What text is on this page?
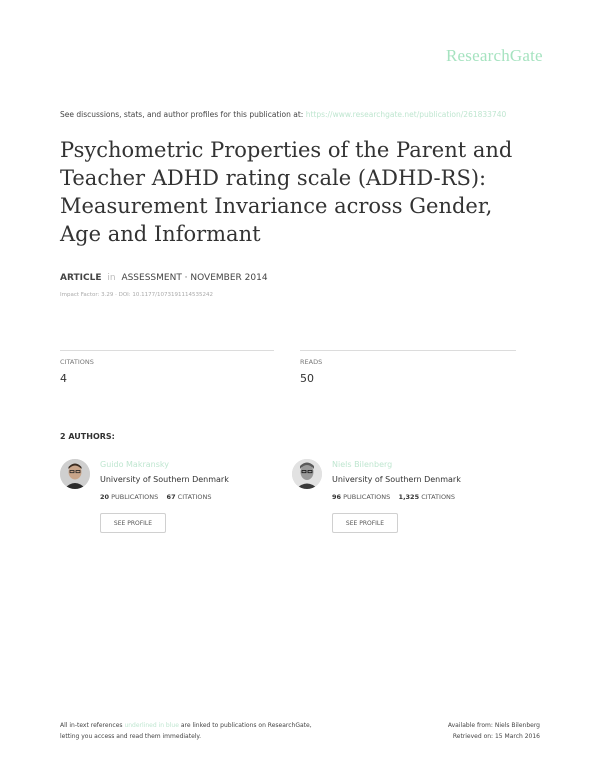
ResearchGate
See discussions, stats, and author profiles for this publication at: https://www.researchgate.net/publication/261833740
Psychometric Properties of the Parent and Teacher ADHD rating scale (ADHD-RS): Measurement Invariance across Gender, Age and Informant
ARTICLE in ASSESSMENT · NOVEMBER 2014
Impact Factor: 3.29 · DOI: 10.1177/1073191114535242
CITATIONS
4
READS
50
2 AUTHORS:
Guido Makransky
University of Southern Denmark
20 PUBLICATIONS 67 CITATIONS
SEE PROFILE
Niels Bilenberg
University of Southern Denmark
96 PUBLICATIONS 1,325 CITATIONS
SEE PROFILE
All in-text references underlined in blue are linked to publications on ResearchGate,
letting you access and read them immediately.
Available from: Niels Bilenberg
Retrieved on: 15 March 2016
